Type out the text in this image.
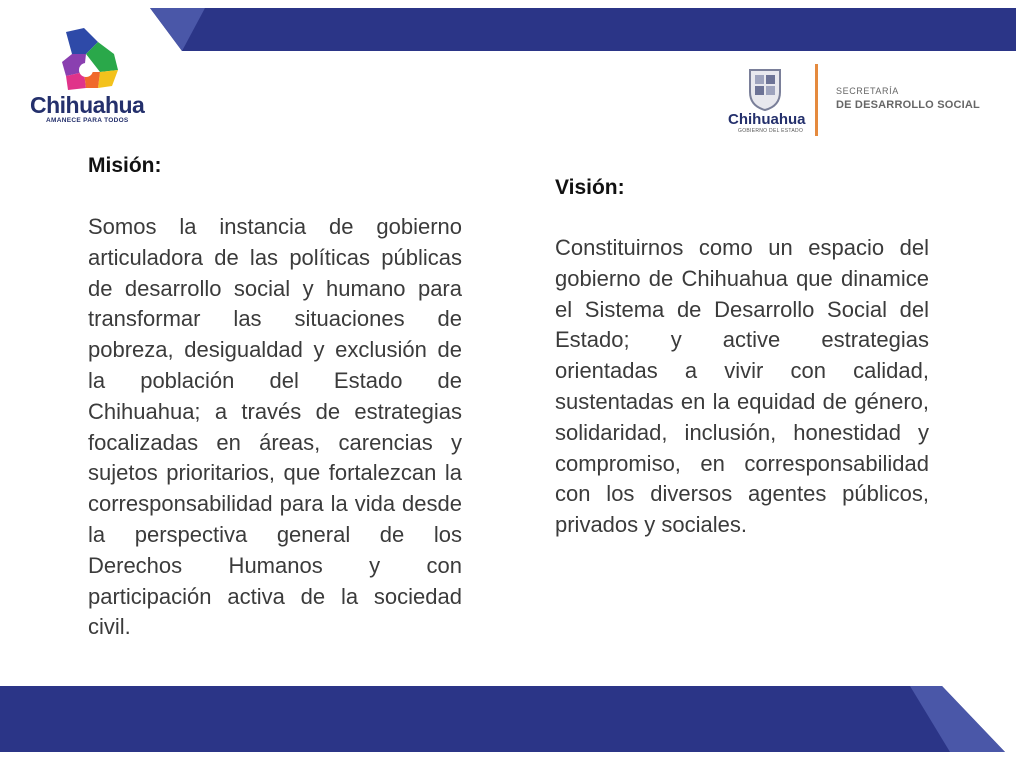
Chihuahua
AMANECE PARA TODOS	Chihuahua
GOBIERNO DEL ESTADO
SECRETARÍA
DE DESARROLLO SOCIAL
Misión:

Somos la instancia de gobierno articuladora de las políticas públicas de desarrollo social y humano para transformar las situaciones de pobreza, desigualdad y exclusión de la población del Estado de Chihuahua; a través de estrategias focalizadas en áreas, carencias y sujetos prioritarios, que fortalezcan la corresponsabilidad para la vida desde la perspectiva general de los Derechos Humanos y con participación activa de la sociedad civil.

Visión:

Constituirnos como un espacio del gobierno de Chihuahua que dinamice el Sistema de Desarrollo Social del Estado; y active estrategias orientadas a vivir con calidad, sustentadas en la equidad de género, solidaridad, inclusión, honestidad y compromiso, en corresponsabilidad con los diversos agentes públicos, privados y sociales.
